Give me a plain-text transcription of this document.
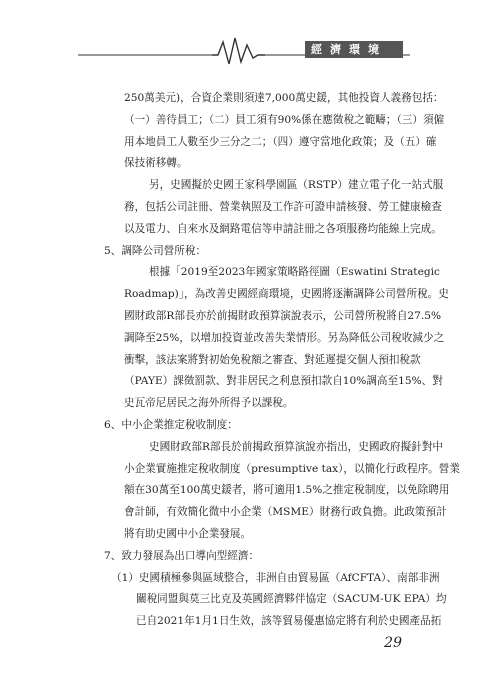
經濟環境

250萬美元)，合資企業則須達7,000萬史鍰，其他投資人義務包括：

（一）善待員工；（二）員工須有90%係在應徵稅之範疇；（三）須僱

用本地員工人數至少三分之二；（四）遵守當地化政策；及（五）確

保技術移轉。

另，史國擬於史國王家科學園區（RSTP）建立電子化一站式服

務，包括公司註冊、營業執照及工作許可證申請核發、勞工健康檢查

以及電力、自來水及網路電信等申請註冊之各項服務均能線上完成。

5、調降公司營所稅：

根據「2019至2023年國家策略路徑圖（Eswatini Strategic

Roadmap)」，為改善史國經商環境，史國將逐漸調降公司營所稅。史

國財政部R部長亦於前揭財政預算演說表示，公司營所稅將自27.5%

調降至25%，以增加投資並改善失業情形。另為降低公司稅收減少之

衝擊，該法案將對初始免稅額之審查、對延遲提交個人預扣稅款

（PAYE）課徵罰款、對非居民之利息預扣款自10%調高至15%、對

史瓦帝尼居民之海外所得予以課稅。

6、中小企業推定稅收制度：

史國財政部R部長於前揭政預算演說亦指出，史國政府擬針對中

小企業實施推定稅收制度（presumptive tax），以簡化行政程序。營業

額在30萬至100萬史鍰者，將可適用1.5%之推定稅制度，以免除聘用

會計師，有效簡化微中小企業（MSME）財務行政負擔。此政策預計

將有助史國中小企業發展。

7、致力發展為出口導向型經濟：

（1）史國積極參與區域整合，非洲自由貿易區（AfCFTA）、南部非洲

關稅同盟與莫三比克及英國經濟夥伴協定（SACUM-UK EPA）均

已自2021年1月1日生效，該等貿易優惠協定將有利於史國產品拓

29
